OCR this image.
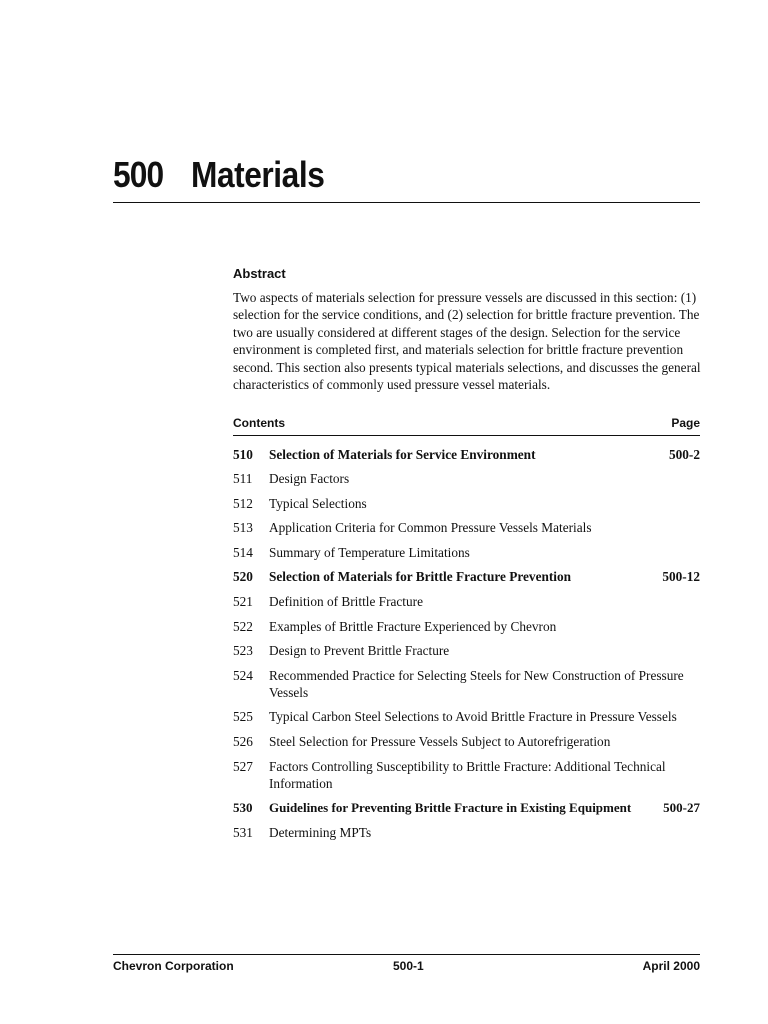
500 Materials
Abstract

Two aspects of materials selection for pressure vessels are discussed in this section: (1) selection for the service conditions, and (2) selection for brittle fracture prevention. The two are usually considered at different stages of the design. Selection for the service environment is completed first, and materials selection for brittle fracture prevention second. This section also presents typical materials selections, and discusses the general characteristics of commonly used pressure vessel materials.

Contents	Page
510 Selection of Materials for Service Environment	500-2
511 Design Factors
512 Typical Selections
513 Application Criteria for Common Pressure Vessels Materials
514 Summary of Temperature Limitations
520 Selection of Materials for Brittle Fracture Prevention	500-12
521 Definition of Brittle Fracture
522 Examples of Brittle Fracture Experienced by Chevron
523 Design to Prevent Brittle Fracture
524 Recommended Practice for Selecting Steels for New Construction of Pressure Vessels
525 Typical Carbon Steel Selections to Avoid Brittle Fracture in Pressure Vessels
526 Steel Selection for Pressure Vessels Subject to Autorefrigeration
527 Factors Controlling Susceptibility to Brittle Fracture: Additional Technical Information
530 Guidelines for Preventing Brittle Fracture in Existing Equipment	500-27
531 Determining MPTs
Chevron Corporation	500-1	April 2000
